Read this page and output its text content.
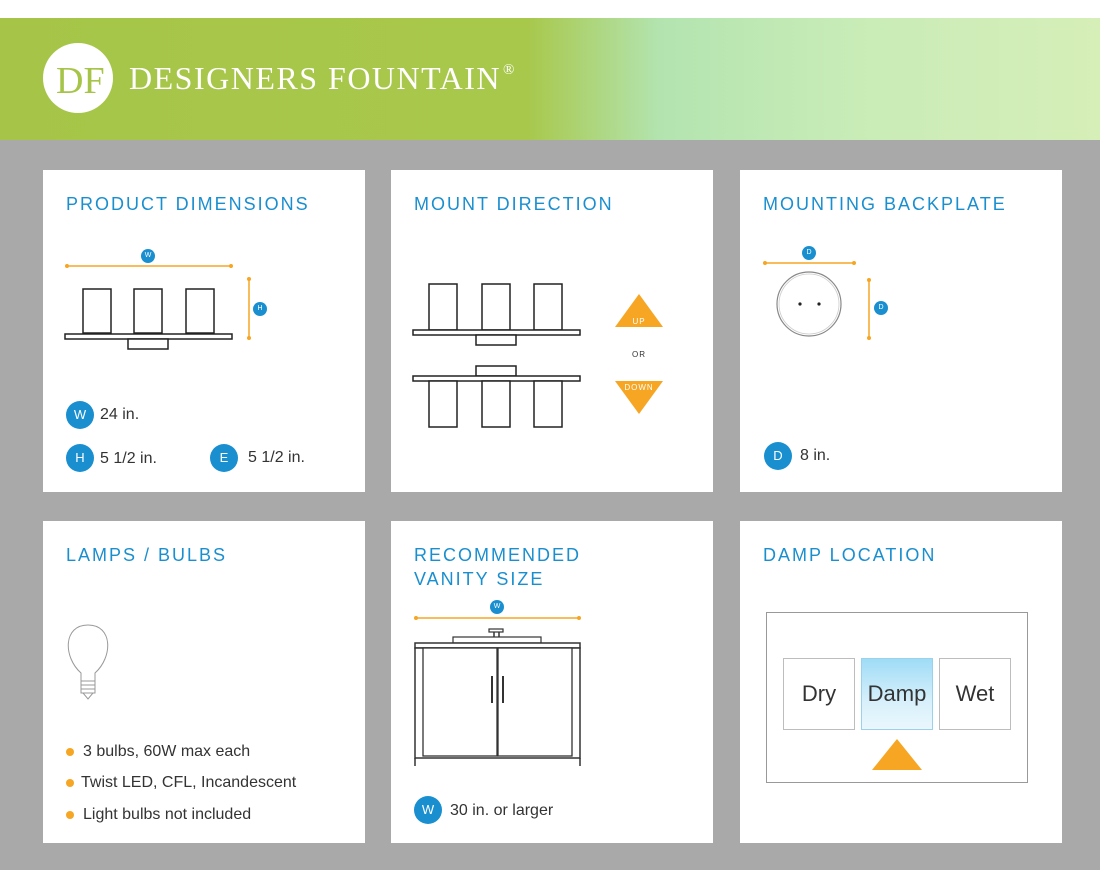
DF DESIGNERS FOUNTAIN ®
PRODUCT DIMENSIONS
W
H
W 24 in.
H 5 1/2 in.	E	5 1/2 in.
MOUNT DIRECTION
UP
OR
DOWN
MOUNTING BACKPLATE
D
D
D	8 in.
LAMPS / BULBS
3 bulbs, 60W max each
Twist LED, CFL, Incandescent
Light bulbs not included
RECOMMENDED
VANITY SIZE
W
W 30 in. or larger
DAMP LOCATION
Dry	Damp	Wet
